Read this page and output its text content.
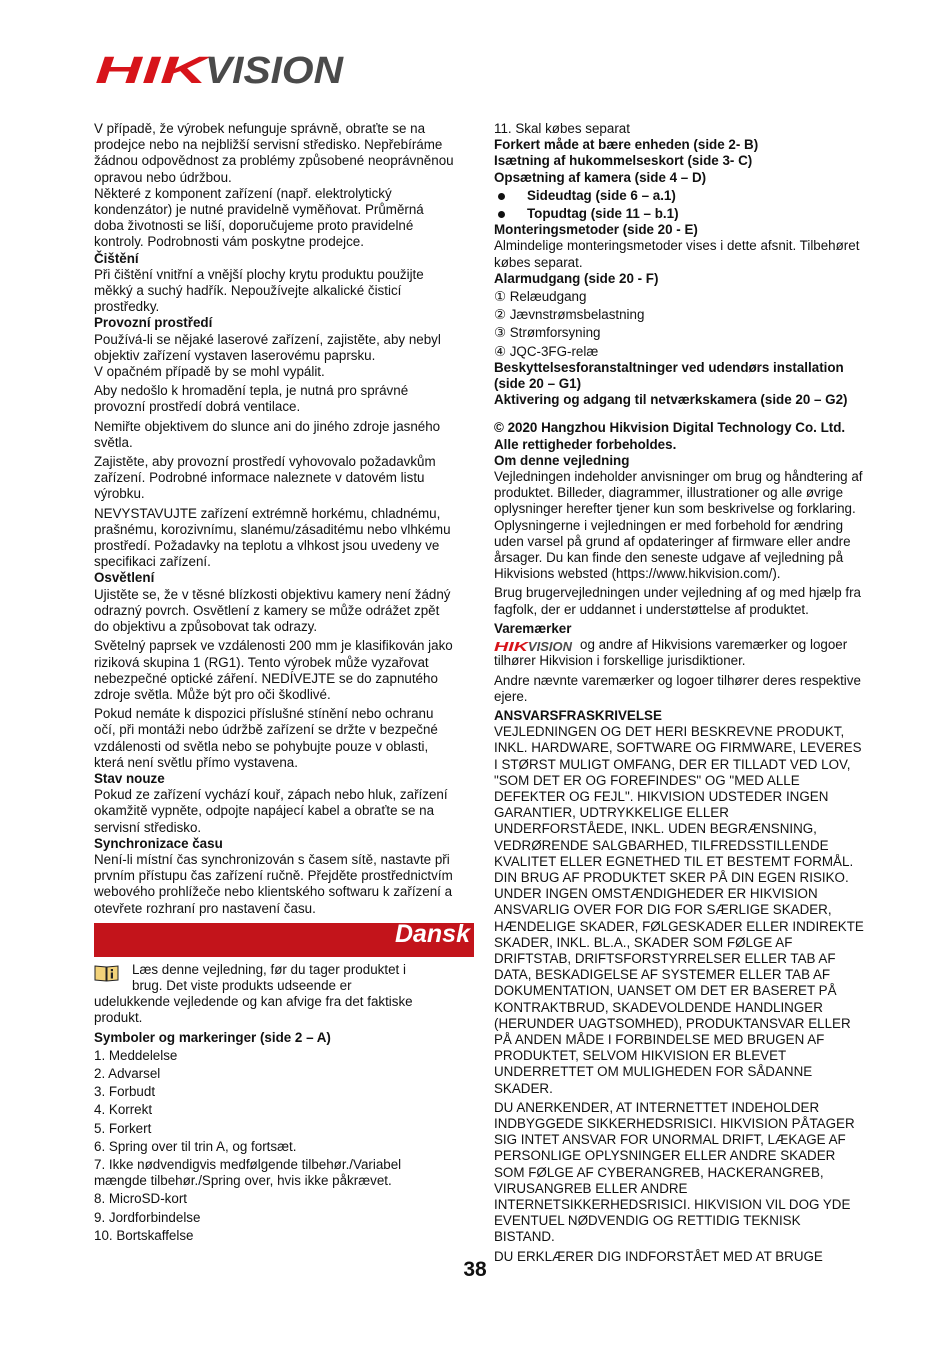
HIK
VISION

V případě, že výrobek nefunguje správně, obraťte se na prodejce nebo na nejbližší servisní středisko. Nepřebíráme žádnou odpovědnost za problémy způsobené neoprávněnou opravou nebo údržbou.

Některé z komponent zařízení (např. elektrolytický kondenzátor) je nutné pravidelně vyměňovat. Průměrná doba životnosti se liší, doporučujeme proto pravidelné kontroly. Podrobnosti vám poskytne prodejce.

Čištění

Při čištění vnitřní a vnější plochy krytu produktu použijte měkký a suchý hadřík. Nepoužívejte alkalické čisticí prostředky.

Provozní prostředí

Používá-li se nějaké laserové zařízení, zajistěte, aby nebyl objektiv zařízení vystaven laserovému paprsku.

V opačném případě by se mohl vypálit.

Aby nedošlo k hromadění tepla, je nutná pro správné provozní prostředí dobrá ventilace.

Nemiřte objektivem do slunce ani do jiného zdroje jasného světla.

Zajistěte, aby provozní prostředí vyhovovalo požadavkům zařízení. Podrobné informace naleznete v datovém listu výrobku.

NEVYSTAVUJTE zařízení extrémně horkému, chladnému, prašnému, korozivnímu, slanému/zásaditému nebo vlhkému prostředí. Požadavky na teplotu a vlhkost jsou uvedeny ve specifikaci zařízení.

Osvětlení

Ujistěte se, že v těsné blízkosti objektivu kamery není žádný odrazný povrch. Osvětlení z kamery se může odrážet zpět do objektivu a způsobovat tak odrazy.

Světelný paprsek ve vzdálenosti 200 mm je klasifikován jako riziková skupina 1 (RG1). Tento výrobek může vyzařovat nebezpečné optické záření. NEDÍVEJTE se do zapnutého zdroje světla. Může být pro oči škodlivé.

Pokud nemáte k dispozici příslušné stínění nebo ochranu očí, při montáži nebo údržbě zařízení se držte v bezpečné vzdálenosti od světla nebo se pohybujte pouze v oblasti, která není světlu přímo vystavena.

Stav nouze

Pokud ze zařízení vychází kouř, zápach nebo hluk, zařízení okamžitě vypněte, odpojte napájecí kabel a obraťte se na servisní středisko.

Synchronizace času

Není-li místní čas synchronizován s časem sítě, nastavte při prvním přístupu čas zařízení ručně. Přejděte prostřednictvím webového prohlížeče nebo klientského softwaru k zařízení a otevřete rozhraní pro nastavení času.

Dansk

Læs denne vejledning, før du tager produktet i

brug. Det viste produkts udseende er

udelukkende vejledende og kan afvige fra det faktiske produkt.

Symboler og markeringer (side 2 – A)

1. Meddelelse

2. Advarsel

3. Forbudt

4. Korrekt

5. Forkert

6. Spring over til trin A, og fortsæt.

7. Ikke nødvendigvis medfølgende tilbehør./Variabel mængde tilbehør./Spring over, hvis ikke påkrævet.

8. MicroSD-kort

9. Jordforbindelse

10. Bortskaffelse

11. Skal købes separat

Forkert måde at bære enheden (side 2- B)

Isætning af hukommelseskort (side 3- C)

Opsætning af kamera (side 4 – D)

Sideudtag (side 6 – a.1)

Topudtag (side 11 – b.1)

Monteringsmetoder (side 20 - E)

Almindelige monteringsmetoder vises i dette afsnit. Tilbehøret købes separat.

Alarmudgang (side 20 - F)

① Relæudgang

② Jævnstrømsbelastning

③ Strømforsyning

④ JQC-3FG-relæ

Beskyttelsesforanstaltninger ved udendørs installation (side 20 – G1)

Aktivering og adgang til netværkskamera (side 20 – G2)

© 2020 Hangzhou Hikvision Digital Technology Co. Ltd. Alle rettigheder forbeholdes.

Om denne vejledning

Vejledningen indeholder anvisninger om brug og håndtering af produktet. Billeder, diagrammer, illustrationer og alle øvrige oplysninger herefter tjener kun som beskrivelse og forklaring. Oplysningerne i vejledningen er med forbehold for ændring uden varsel på grund af opdateringer af firmware eller andre årsager. Du kan finde den seneste udgave af vejledning på Hikvisions websted (https://www.hikvision.com/).

Brug brugervejledningen under vejledning af og med hjælp fra fagfolk, der er uddannet i understøttelse af produktet.

Varemærker

HIK
VISION og andre af Hikvisions varemærker og logoer tilhører Hikvision i forskellige jurisdiktioner.

Andre nævnte varemærker og logoer tilhører deres respektive ejere.

ANSVARSFRASKRIVELSE

VEJLEDNINGEN OG DET HERI BESKREVNE PRODUKT, INKL. HARDWARE, SOFTWARE OG FIRMWARE, LEVERES I STØRST MULIGT OMFANG, DER ER TILLADT VED LOV, "SOM DET ER OG FOREFINDES" OG "MED ALLE DEFEKTER OG FEJL". HIKVISION UDSTEDER INGEN GARANTIER, UDTRYKKELIGE ELLER UNDERFORSTÅEDE, INKL. UDEN BEGRÆNSNING, VEDRØRENDE SALGBARHED, TILFREDSSTILLENDE KVALITET ELLER EGNETHED TIL ET BESTEMT FORMÅL. DIN BRUG AF PRODUKTET SKER PÅ DIN EGEN RISIKO. UNDER INGEN OMSTÆNDIGHEDER ER HIKVISION ANSVARLIG OVER FOR DIG FOR SÆRLIGE SKADER, HÆNDELIGE SKADER, FØLGESKADER ELLER INDIREKTE SKADER, INKL. BL.A., SKADER SOM FØLGE AF DRIFTSTAB, DRIFTSFORSTYRRELSER ELLER TAB AF DATA, BESKADIGELSE AF SYSTEMER ELLER TAB AF DOKUMENTATION, UANSET OM DET ER BASERET PÅ KONTRAKTBRUD, SKADEVOLDENDE HANDLINGER (HERUNDER UAGTSOMHED), PRODUKTANSVAR ELLER PÅ ANDEN MÅDE I FORBINDELSE MED BRUGEN AF PRODUKTET, SELVOM HIKVISION ER BLEVET UNDERRETTET OM MULIGHEDEN FOR SÅDANNE SKADER.

DU ANERKENDER, AT INTERNETTET INDEHOLDER INDBYGGEDE SIKKERHEDSRISICI. HIKVISION PÅTAGER SIG INTET ANSVAR FOR UNORMAL DRIFT, LÆKAGE AF PERSONLIGE OPLYSNINGER ELLER ANDRE SKADER SOM FØLGE AF CYBERANGREB, HACKERANGREB, VIRUSANGREB ELLER ANDRE INTERNETSIKKERHEDSRISICI. HIKVISION VIL DOG YDE EVENTUEL NØDVENDIG OG RETTIDIG TEKNISK BISTAND.

DU ERKLÆRER DIG INDFORSTÅET MED AT BRUGE

38
